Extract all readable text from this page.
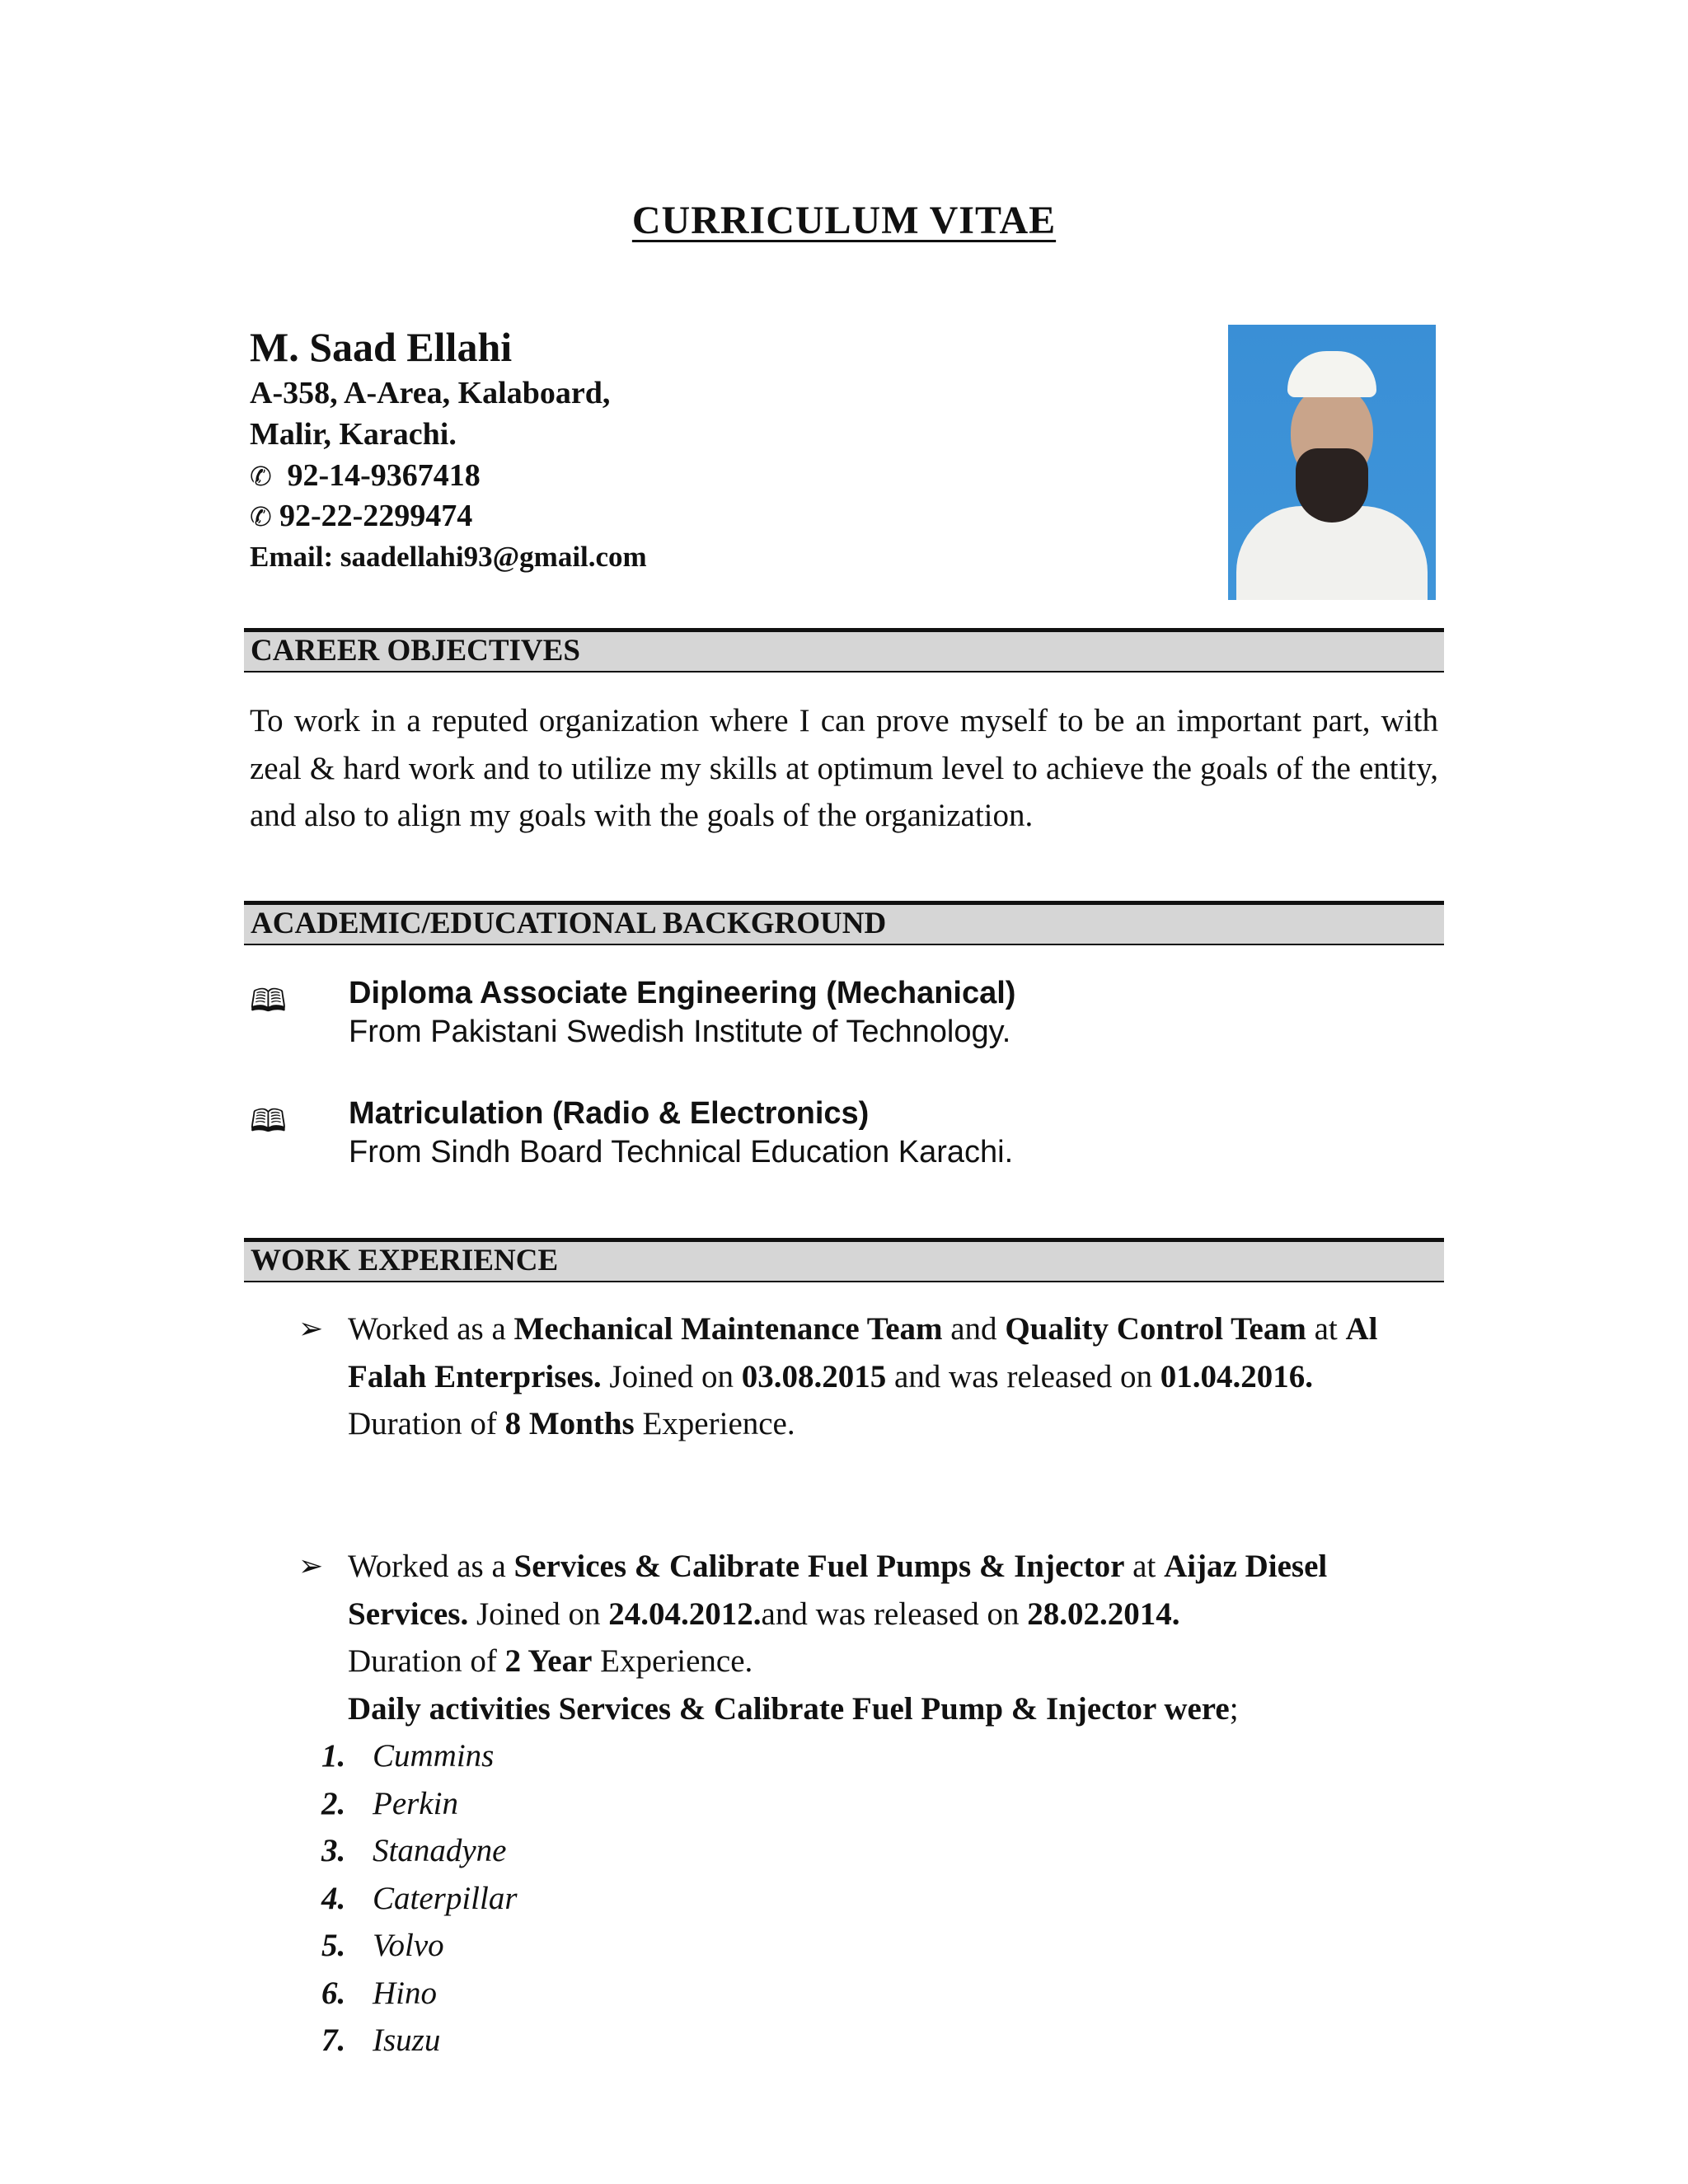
CURRICULUM VITAE
M. Saad Ellahi

A-358, A-Area, Kalaboard,

Malir, Karachi.

✆ 92-14-9367418

✆ 92-22-2299474

Email: saadellahi93@gmail.com

CAREER OBJECTIVES

To work in a reputed organization where I can prove myself to be an important part, with zeal & hard work and to utilize my skills at optimum level to achieve the goals of the entity, and also to align my goals with the goals of the organization.

ACADEMIC/EDUCATIONAL BACKGROUND
🕮 Diploma Associate Engineering (Mechanical)

From Pakistani Swedish Institute of Technology.

🕮 Matriculation (Radio & Electronics)

From Sindh Board Technical Education Karachi.

WORK EXPERIENCE
➢ Worked as a Mechanical Maintenance Team and Quality Control Team at Al Falah Enterprises. Joined on 03.08.2015 and was released on 01.04.2016.
Duration of 8 Months Experience.

➢ Worked as a Services & Calibrate Fuel Pumps & Injector at Aijaz Diesel Services. Joined on 24.04.2012.and was released on 28.02.2014.
Duration of 2 Year Experience.
Daily activities Services & Calibrate Fuel Pump & Injector were;

1. Cummins
2. Perkin
3. Stanadyne
4. Caterpillar
5. Volvo
6. Hino
7. Isuzu
